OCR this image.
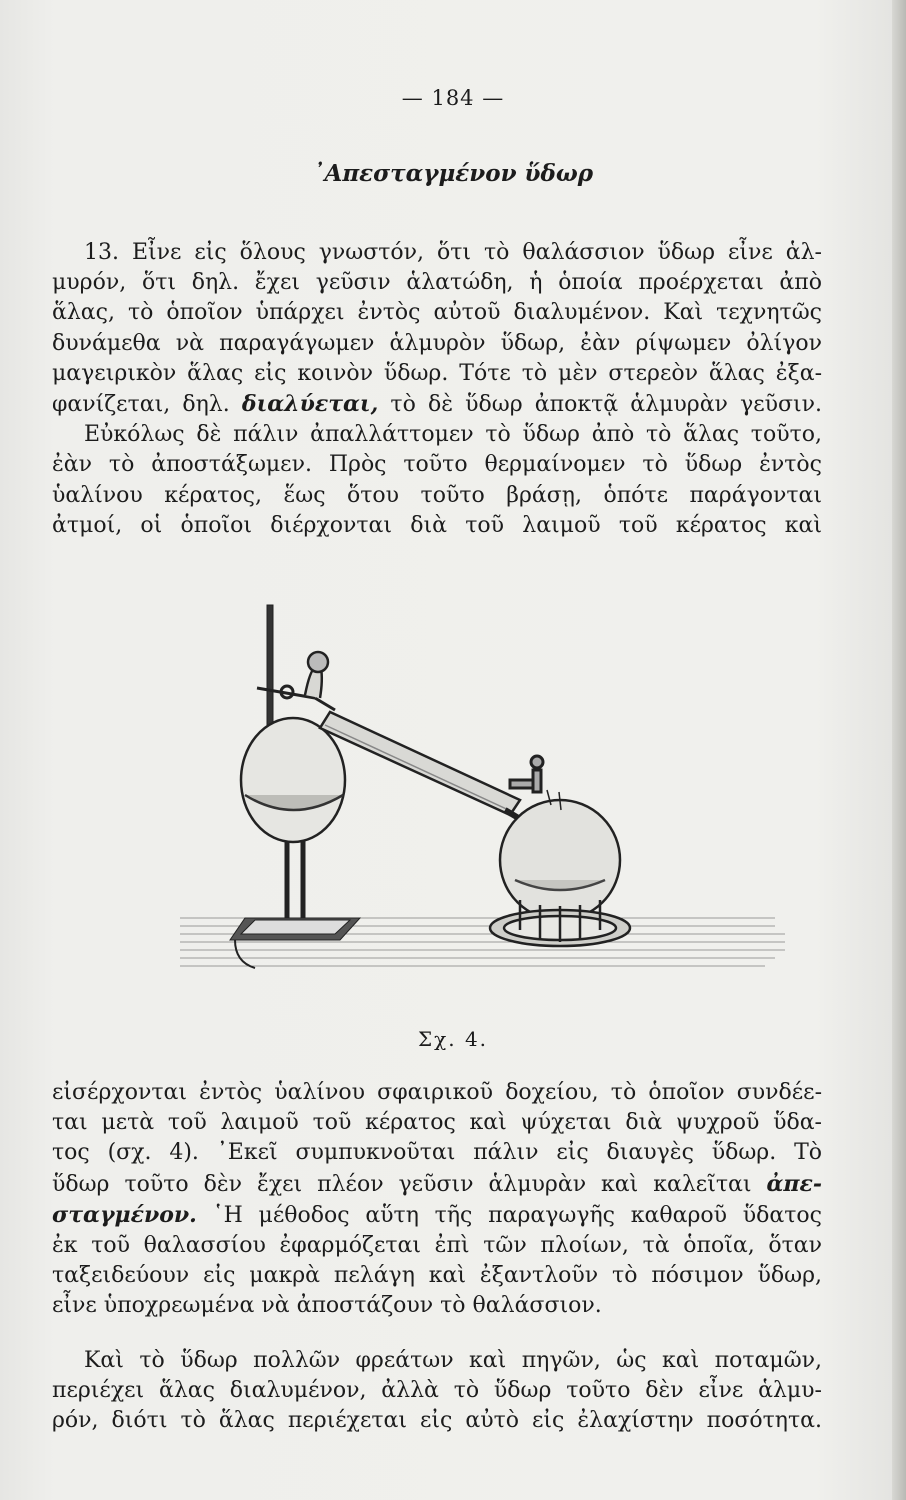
— 184 —
᾿Απεσταγμένον ὕδωρ
13. Εἶνε εἰς ὅλους γνωστόν, ὅτι τὸ θαλάσσιον ὕδωρ εἶνε ἁλ-
μυρόν, ὅτι δηλ. ἔχει γεῦσιν ἁλατώδη, ἡ ὁποία προέρχεται ἀπὸ
ἅλας, τὸ ὁποῖον ὑπάρχει ἐντὸς αὐτοῦ διαλυμένον. Καὶ τεχνητῶς
δυνάμεθα νὰ παραγάγωμεν ἁλμυρὸν ὕδωρ, ἐὰν ρίψωμεν ὀλίγον
μαγειρικὸν ἅλας εἰς κοινὸν ὕδωρ. Τότε τὸ μὲν στερεὸν ἅλας ἐξα-
φανίζεται, δηλ. διαλύεται, τὸ δὲ ὕδωρ ἀποκτᾷ ἁλμυρὰν γεῦσιν.
Εὐκόλως δὲ πάλιν ἀπαλλάττομεν τὸ ὕδωρ ἀπὸ τὸ ἅλας τοῦτο,
ἐὰν τὸ ἀποστάξωμεν. Πρὸς τοῦτο θερμαίνομεν τὸ ὕδωρ ἐντὸς
ὑαλίνου κέρατος, ἕως ὅτου τοῦτο βράσῃ, ὁπότε παράγονται
ἀτμοί, οἱ ὁποῖοι διέρχονται διὰ τοῦ λαιμοῦ τοῦ κέρατος καὶ
Σχ. 4.
εἰσέρχονται ἐντὸς ὑαλίνου σφαιρικοῦ δοχείου, τὸ ὁποῖον συνδέε-
ται μετὰ τοῦ λαιμοῦ τοῦ κέρατος καὶ ψύχεται διὰ ψυχροῦ ὕδα-
τος (σχ. 4). ᾿Εκεῖ συμπυκνοῦται πάλιν εἰς διαυγὲς ὕδωρ. Τὸ
ὕδωρ τοῦτο δὲν ἔχει πλέον γεῦσιν ἁλμυρὰν καὶ καλεῖται ἀπε-
σταγμένον. ῾Η μέθοδος αὕτη τῆς παραγωγῆς καθαροῦ ὕδατος
ἐκ τοῦ θαλασσίου ἐφαρμόζεται ἐπὶ τῶν πλοίων, τὰ ὁποῖα, ὅταν
ταξειδεύουν εἰς μακρὰ πελάγη καὶ ἐξαντλοῦν τὸ πόσιμον ὕδωρ,
εἶνε ὑποχρεωμένα νὰ ἀποστάζουν τὸ θαλάσσιον.
Καὶ τὸ ὕδωρ πολλῶν φρεάτων καὶ πηγῶν, ὡς καὶ ποταμῶν,
περιέχει ἅλας διαλυμένον, ἀλλὰ τὸ ὕδωρ τοῦτο δὲν εἶνε ἁλμυ-
ρόν, διότι τὸ ἅλας περιέχεται εἰς αὐτὸ εἰς ἐλαχίστην ποσότητα.
